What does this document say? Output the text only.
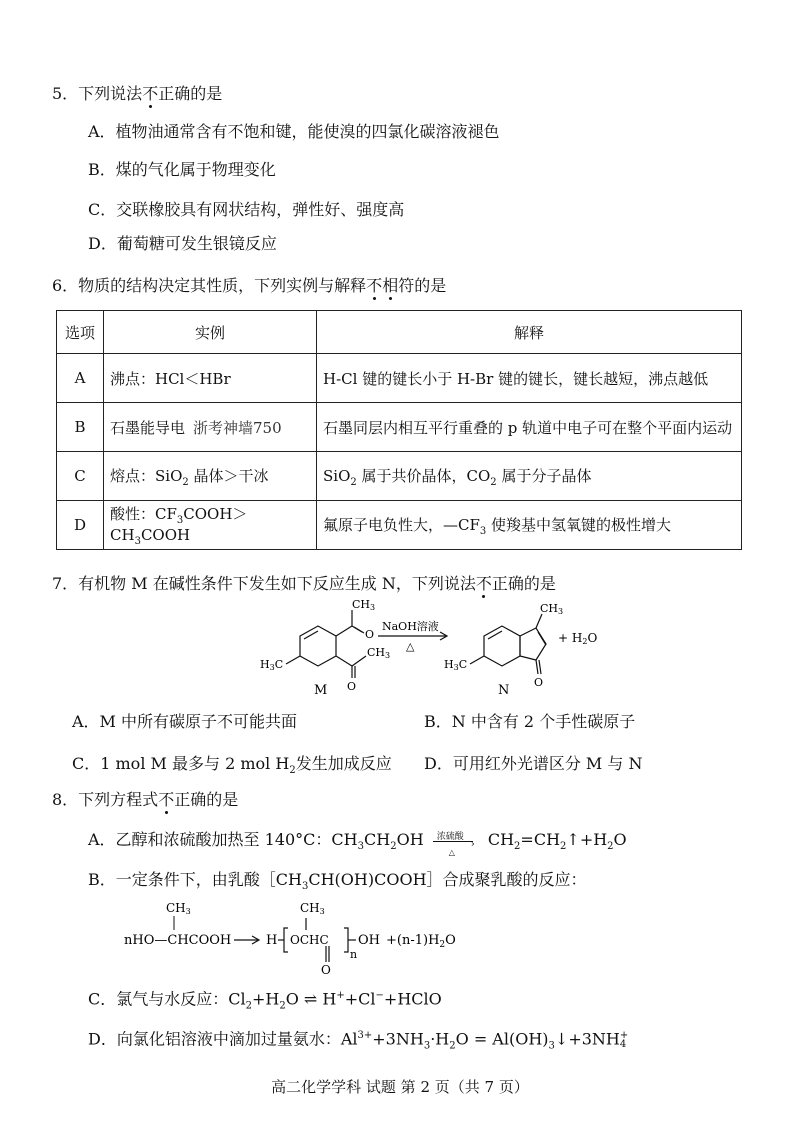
5．下列说法不正确的是
A．植物油通常含有不饱和键，能使溴的四氯化碳溶液褪色
B．煤的气化属于物理变化
C．交联橡胶具有网状结构，弹性好、强度高
D．葡萄糖可发生银镜反应
6．物质的结构决定其性质，下列实例与解释不相符的是
选项	实例	解释
A	沸点：HCl＜HBr	H-Cl 键的键长小于 H-Br 键的键长，键长越短，沸点越低
B	石墨能导电 浙考神墙750	石墨同层内相互平行重叠的 p 轨道中电子可在整个平面内运动
C	熔点：SiO$_2$ 晶体＞干冰	SiO$_2$ 属于共价晶体，$CO_2$ 属于分子晶体
D	酸性：$CF_3COOH>CH_3COOH$	氟原子电负性大，$—CF_3$ 使羧基中氢氧键的极性增大
7．有机物 M 在碱性条件下发生如下反应生成 N，下列说法不正确的是
CH3
O
CH3
O
H3C
M
NaOH溶液
△
CH3
O
H3C
N
+ H2O
A．M 中所有碳原子不可能共面	B．N 中含有 2 个手性碳原子
C．1 mol M 最多与 2 mol $H_2$发生加成反应 D．可用红外光谱区分 M 与 N
8．下列方程式不正确的是
A．乙醇和浓硫酸加热至 140°C：$CH_3CH_2OH$ 浓硫酸
›
△
$CH_2=CH_2↑+H_2O$
B．一定条件下，由乳酸$[CH_3CH(OH)COOH]$合成聚乳酸的反应：
nHO—CHCOOH
CH3
H
CH3
OCHC
O
n
OH $+(n-1)H_2O$
C．氯气与水反应：$Cl_2+H_2O$ ⇌ H++Cl−+HClO
D．向氯化铝溶液中滴加过量氨水：$Al^{3+}+3NH_3\cdot H_2O$ = $Al(OH)_3↓+3NH$ +
4
高二化学学科 试题 第 2 页（共 7 页）
